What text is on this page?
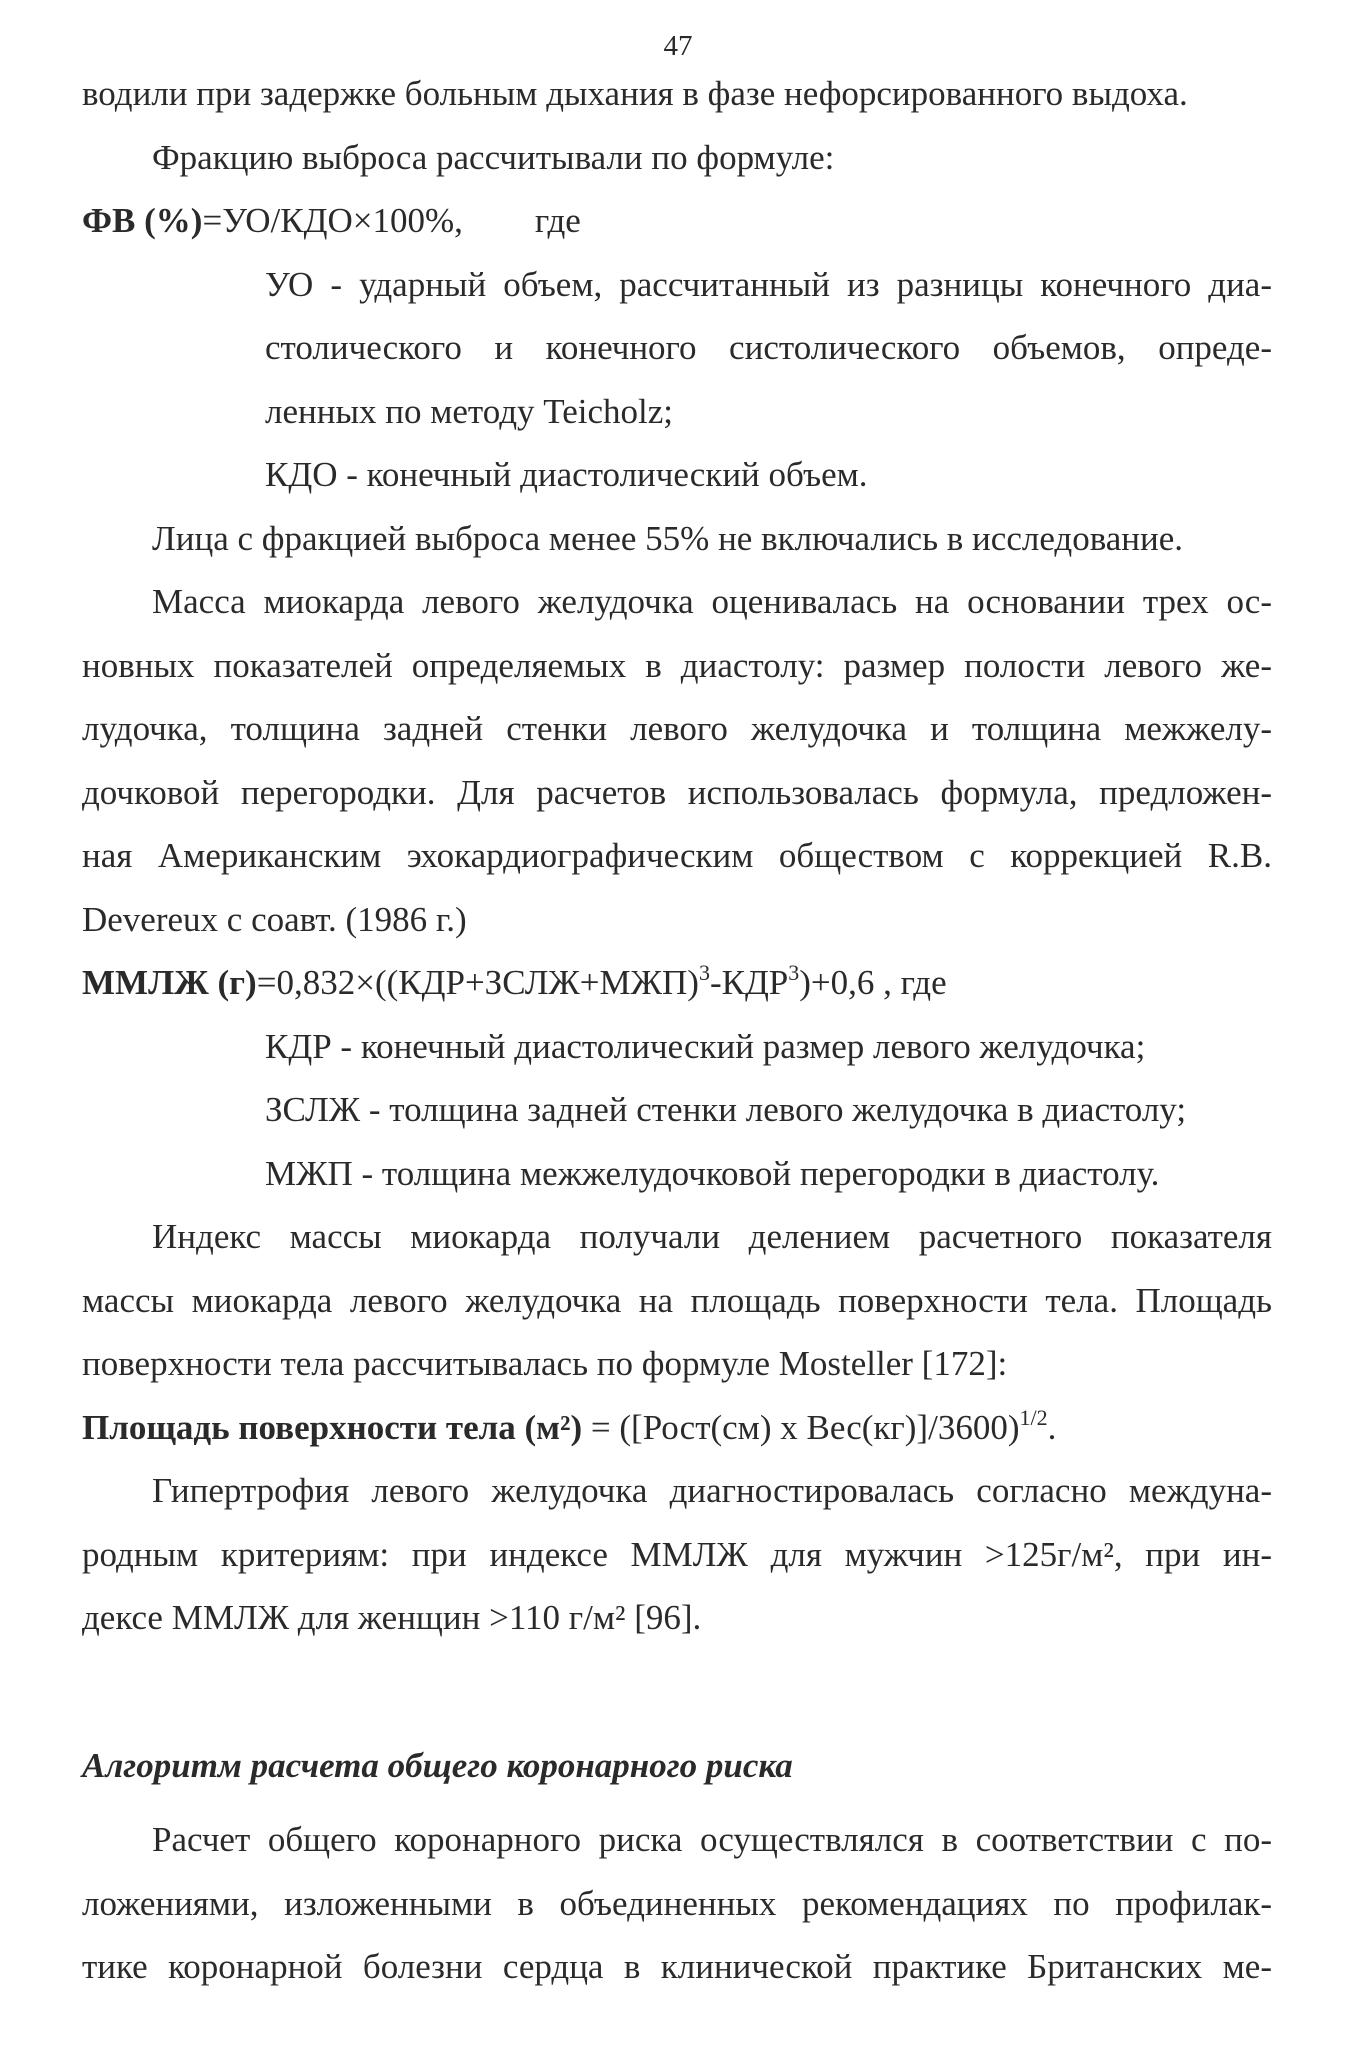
47
водили при задержке больным дыхания в фазе нефорсированного выдоха.
Фракцию выброса рассчитывали по формуле:
ФВ (%)=УО/КДО×100%, где
УО - ударный объем, рассчитанный из разницы конечного диа-
столического и конечного систолического объемов, опреде-
ленных по методу Teicholz;
КДО - конечный диастолический объем.
Лица с фракцией выброса менее 55% не включались в исследование.
Масса миокарда левого желудочка оценивалась на основании трех ос-
новных показателей определяемых в диастолу: размер полости левого же-
лудочка, толщина задней стенки левого желудочка и толщина межжелу-
дочковой перегородки. Для расчетов использовалась формула, предложен-
ная Американским эхокардиографическим обществом с коррекцией R.B.
Devereux с соавт. (1986 г.)
ММЛЖ $(г)=0,832\times((КДР+ЗСЛЖ+МЖП)^3-КДР^3)+0,6$ , где
КДР - конечный диастолический размер левого желудочка;
ЗСЛЖ - толщина задней стенки левого желудочка в диастолу;
МЖП - толщина межжелудочковой перегородки в диастолу.
Индекс массы миокарда получали делением расчетного показателя
массы миокарда левого желудочка на площадь поверхности тела. Площадь
поверхности тела рассчитывалась по формуле Mosteller [172]:
Площадь поверхности тела (м²) = ([Рост(см) х Вес(кг)]/3600)$^{1/2}$.
Гипертрофия левого желудочка диагностировалась согласно междуна-
родным критериям: при индексе ММЛЖ для мужчин >125г/м², при ин-
дексе ММЛЖ для женщин >110 г/м² [96].
Алгоритм расчета общего коронарного риска
Расчет общего коронарного риска осуществлялся в соответствии с по-
ложениями, изложенными в объединенных рекомендациях по профилак-
тике коронарной болезни сердца в клинической практике Британских ме-
